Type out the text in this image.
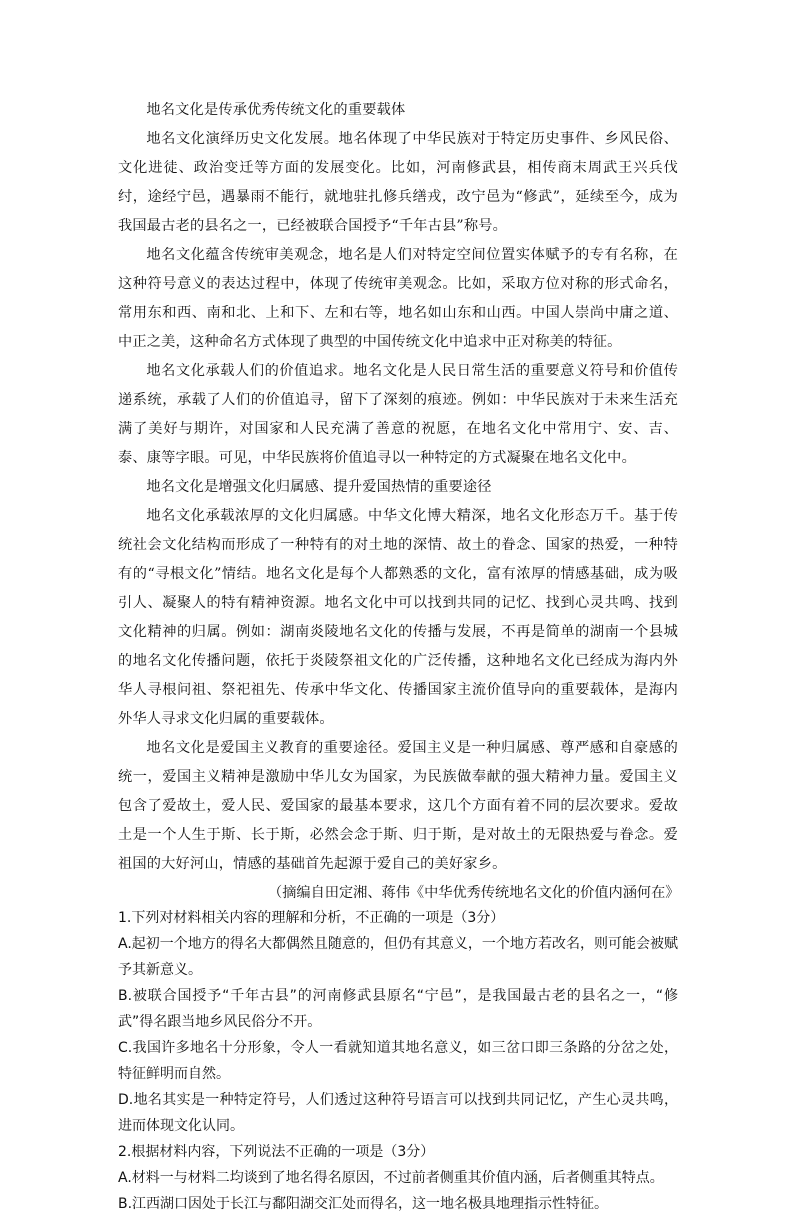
地名文化是传承优秀传统文化的重要载体

地名文化演绎历史文化发展。地名体现了中华民族对于特定历史事件、乡风民俗、文化进徒、政治变迁等方面的发展变化。比如，河南修武县，相传商末周武王兴兵伐纣，途经宁邑，遇暴雨不能行，就地驻扎修兵缮戎，改宁邑为“修武”，延续至今，成为我国最古老的县名之一，已经被联合国授予“千年古县”称号。

地名文化蕴含传统审美观念，地名是人们对特定空间位置实体赋予的专有名称，在这种符号意义的表达过程中，体现了传统审美观念。比如，采取方位对称的形式命名，常用东和西、南和北、上和下、左和右等，地名如山东和山西。中国人崇尚中庸之道、中正之美，这种命名方式体现了典型的中国传统文化中追求中正对称美的特征。

地名文化承载人们的价值追求。地名文化是人民日常生活的重要意义符号和价值传递系统，承载了人们的价值追寻，留下了深刻的痕迹。例如：中华民族对于未来生活充满了美好与期许，对国家和人民充满了善意的祝愿，在地名文化中常用宁、安、吉、泰、康等字眼。可见，中华民族将价值追寻以一种特定的方式凝聚在地名文化中。

地名文化是增强文化归属感、提升爱国热情的重要途径

地名文化承载浓厚的文化归属感。中华文化博大精深，地名文化形态万千。基于传统社会文化结构而形成了一种特有的对土地的深情、故土的眷念、国家的热爱，一种特有的“寻根文化”情结。地名文化是每个人都熟悉的文化，富有浓厚的情感基础，成为吸引人、凝聚人的特有精神资源。地名文化中可以找到共同的记忆、找到心灵共鸣、找到文化精神的归属。例如：湖南炎陵地名文化的传播与发展，不再是简单的湖南一个县城的地名文化传播问题，依托于炎陵祭祖文化的广泛传播，这种地名文化已经成为海内外华人寻根问祖、祭祀祖先、传承中华文化、传播国家主流价值导向的重要载体，是海内外华人寻求文化归属的重要载体。

地名文化是爱国主义教育的重要途径。爱国主义是一种归属感、尊严感和自豪感的统一，爱国主义精神是激励中华儿女为国家，为民族做奉献的强大精神力量。爱国主义包含了爱故土，爱人民、爱国家的最基本要求，这几个方面有着不同的层次要求。爱故土是一个人生于斯、长于斯，必然会念于斯、归于斯，是对故土的无限热爱与眷念。爱祖国的大好河山，情感的基础首先起源于爱自己的美好家乡。

（摘编自田定湘、蒋伟《中华优秀传统地名文化的价值内涵何在》

1.下列对材料相关内容的理解和分析，不正确的一项是（3分）

A.起初一个地方的得名大都偶然且随意的，但仍有其意义，一个地方若改名，则可能会被赋予其新意义。

B.被联合国授予“千年古县”的河南修武县原名“宁邑”，是我国最古老的县名之一，“修武”得名跟当地乡风民俗分不开。

C.我国许多地名十分形象，令人一看就知道其地名意义，如三岔口即三条路的分岔之处，特征鲜明而自然。

D.地名其实是一种特定符号，人们透过这种符号语言可以找到共同记忆，产生心灵共鸣，进而体现文化认同。

2.根据材料内容，下列说法不正确的一项是（3分）

A.材料一与材料二均谈到了地名得名原因，不过前者侧重其价值内涵，后者侧重其特点。

B.江西湖口因处于长江与鄱阳湖交汇处而得名，这一地名极具地理指示性特征。
